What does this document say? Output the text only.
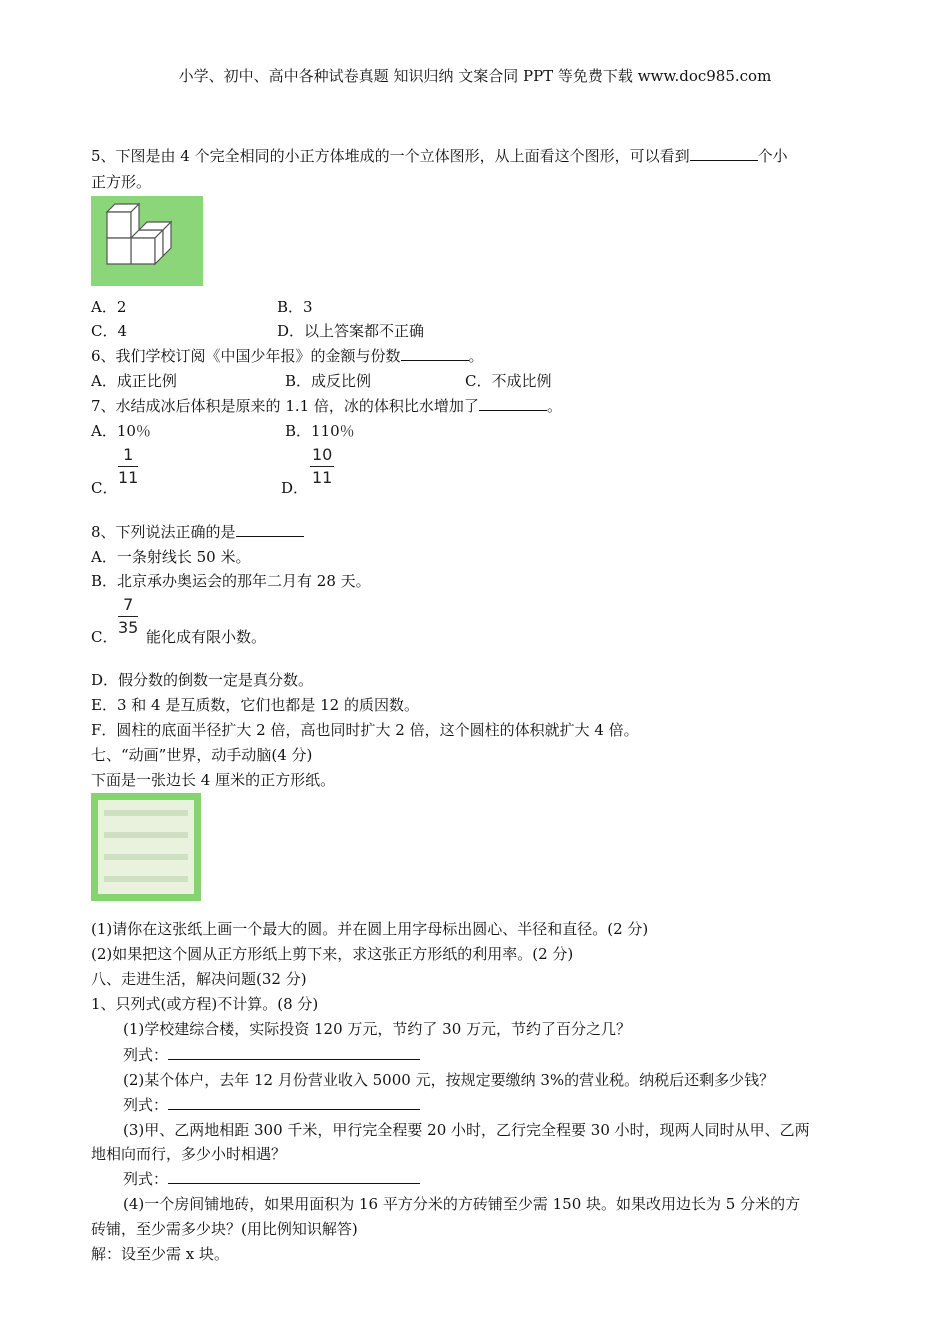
小学、初中、高中各种试卷真题 知识归纳 文案合同 PPT 等免费下载 www.doc985.com
5、下图是由 4 个完全相同的小正方体堆成的一个立体图形，从上面看这个图形，可以看到	个小
正方形。
A．2	B．3
C．4	D．以上答案都不正确
6、我们学校订阅《中国少年报》的金额与份数	。
A．成正比例	B．成反比例	C．不成比例
7、水结成冰后体积是原来的 1.1 倍，冰的体积比水增加了	。
A．10％	B．110％
C．
$\frac{1}{11}$
D．
$\frac{10}{11}$
8、下列说法正确的是
A．一条射线长 50 米。
B．北京承办奥运会的那年二月有 28 天。
C． $\frac{7}{35}$ 能化成有限小数。
D．假分数的倒数一定是真分数。
E．3 和 4 是互质数，它们也都是 12 的质因数。
F．圆柱的底面半径扩大 2 倍，高也同时扩大 2 倍，这个圆柱的体积就扩大 4 倍。
七、“动画”世界，动手动脑(4 分)
下面是一张边长 4 厘米的正方形纸。
(1)请你在这张纸上画一个最大的圆。并在圆上用字母标出圆心、半径和直径。(2 分)
(2)如果把这个圆从正方形纸上剪下来，求这张正方形纸的利用率。(2 分)
八、走进生活，解决问题(32 分)
1、只列式(或方程)不计算。(8 分)
(1)学校建综合楼，实际投资 120 万元，节约了 30 万元，节约了百分之几？
列式：
(2)某个体户，去年 12 月份营业收入 5000 元，按规定要缴纳 3%的营业税。纳税后还剩多少钱？
列式：
(3)甲、乙两地相距 300 千米，甲行完全程要 20 小时，乙行完全程要 30 小时，现两人同时从甲、乙两
地相向而行，多少小时相遇？
列式：
(4)一个房间铺地砖，如果用面积为 16 平方分米的方砖铺至少需 150 块。如果改用边长为 5 分米的方
砖铺，至少需多少块？(用比例知识解答)
解：设至少需 x 块。
